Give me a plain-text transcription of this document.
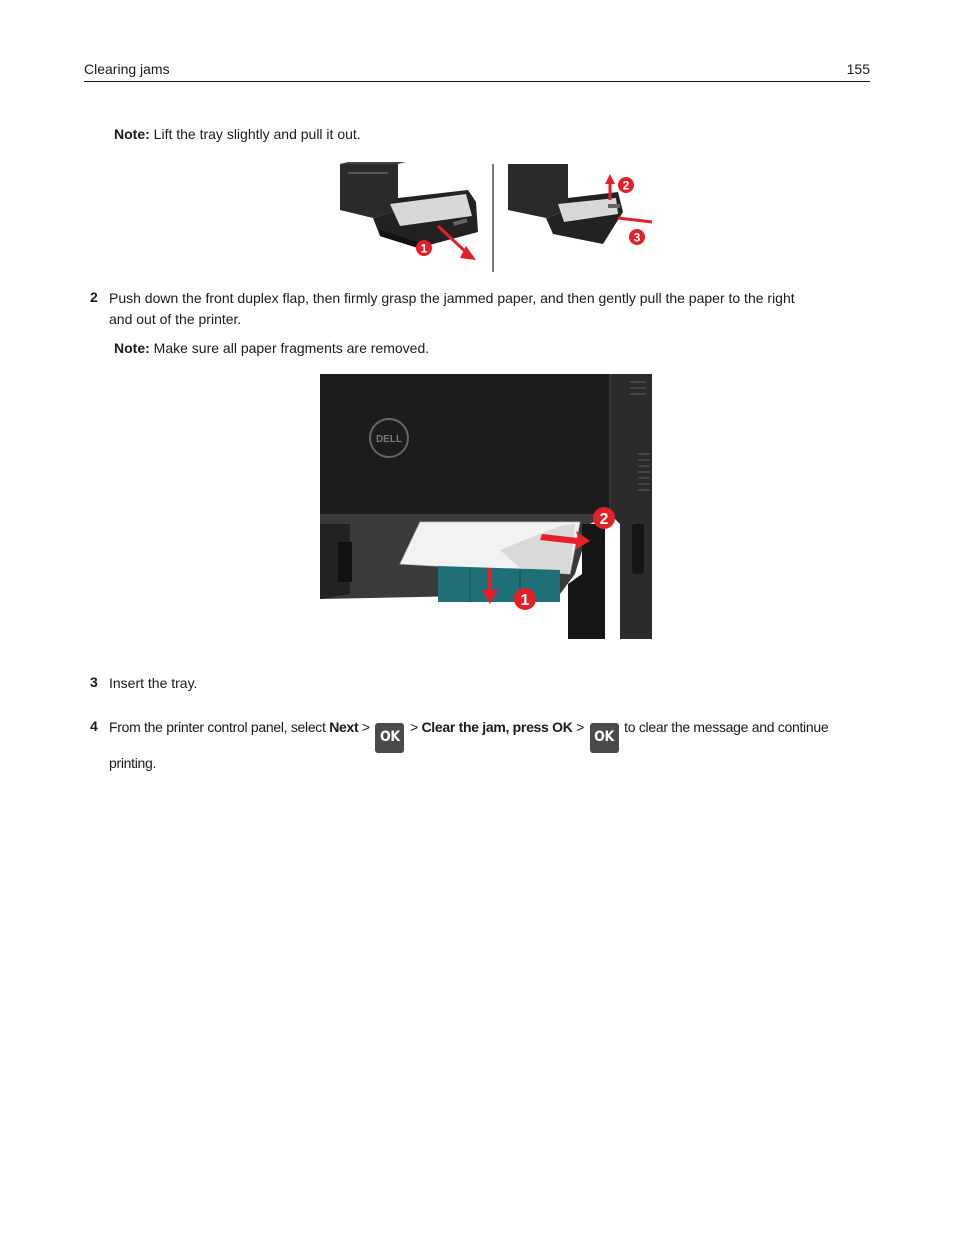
Clearing jams	155
Note: Lift the tray slightly and pull it out.
1
2
3
2 Push down the front duplex flap, then firmly grasp the jammed paper, and then gently pull the paper to the right
and out of the printer.
Note: Make sure all paper fragments are removed.
DELL
1
2
3 Insert the tray.
4 From the printer control panel, select Next > OK > Clear the jam, press OK > OK to clear the message and continue
printing.
